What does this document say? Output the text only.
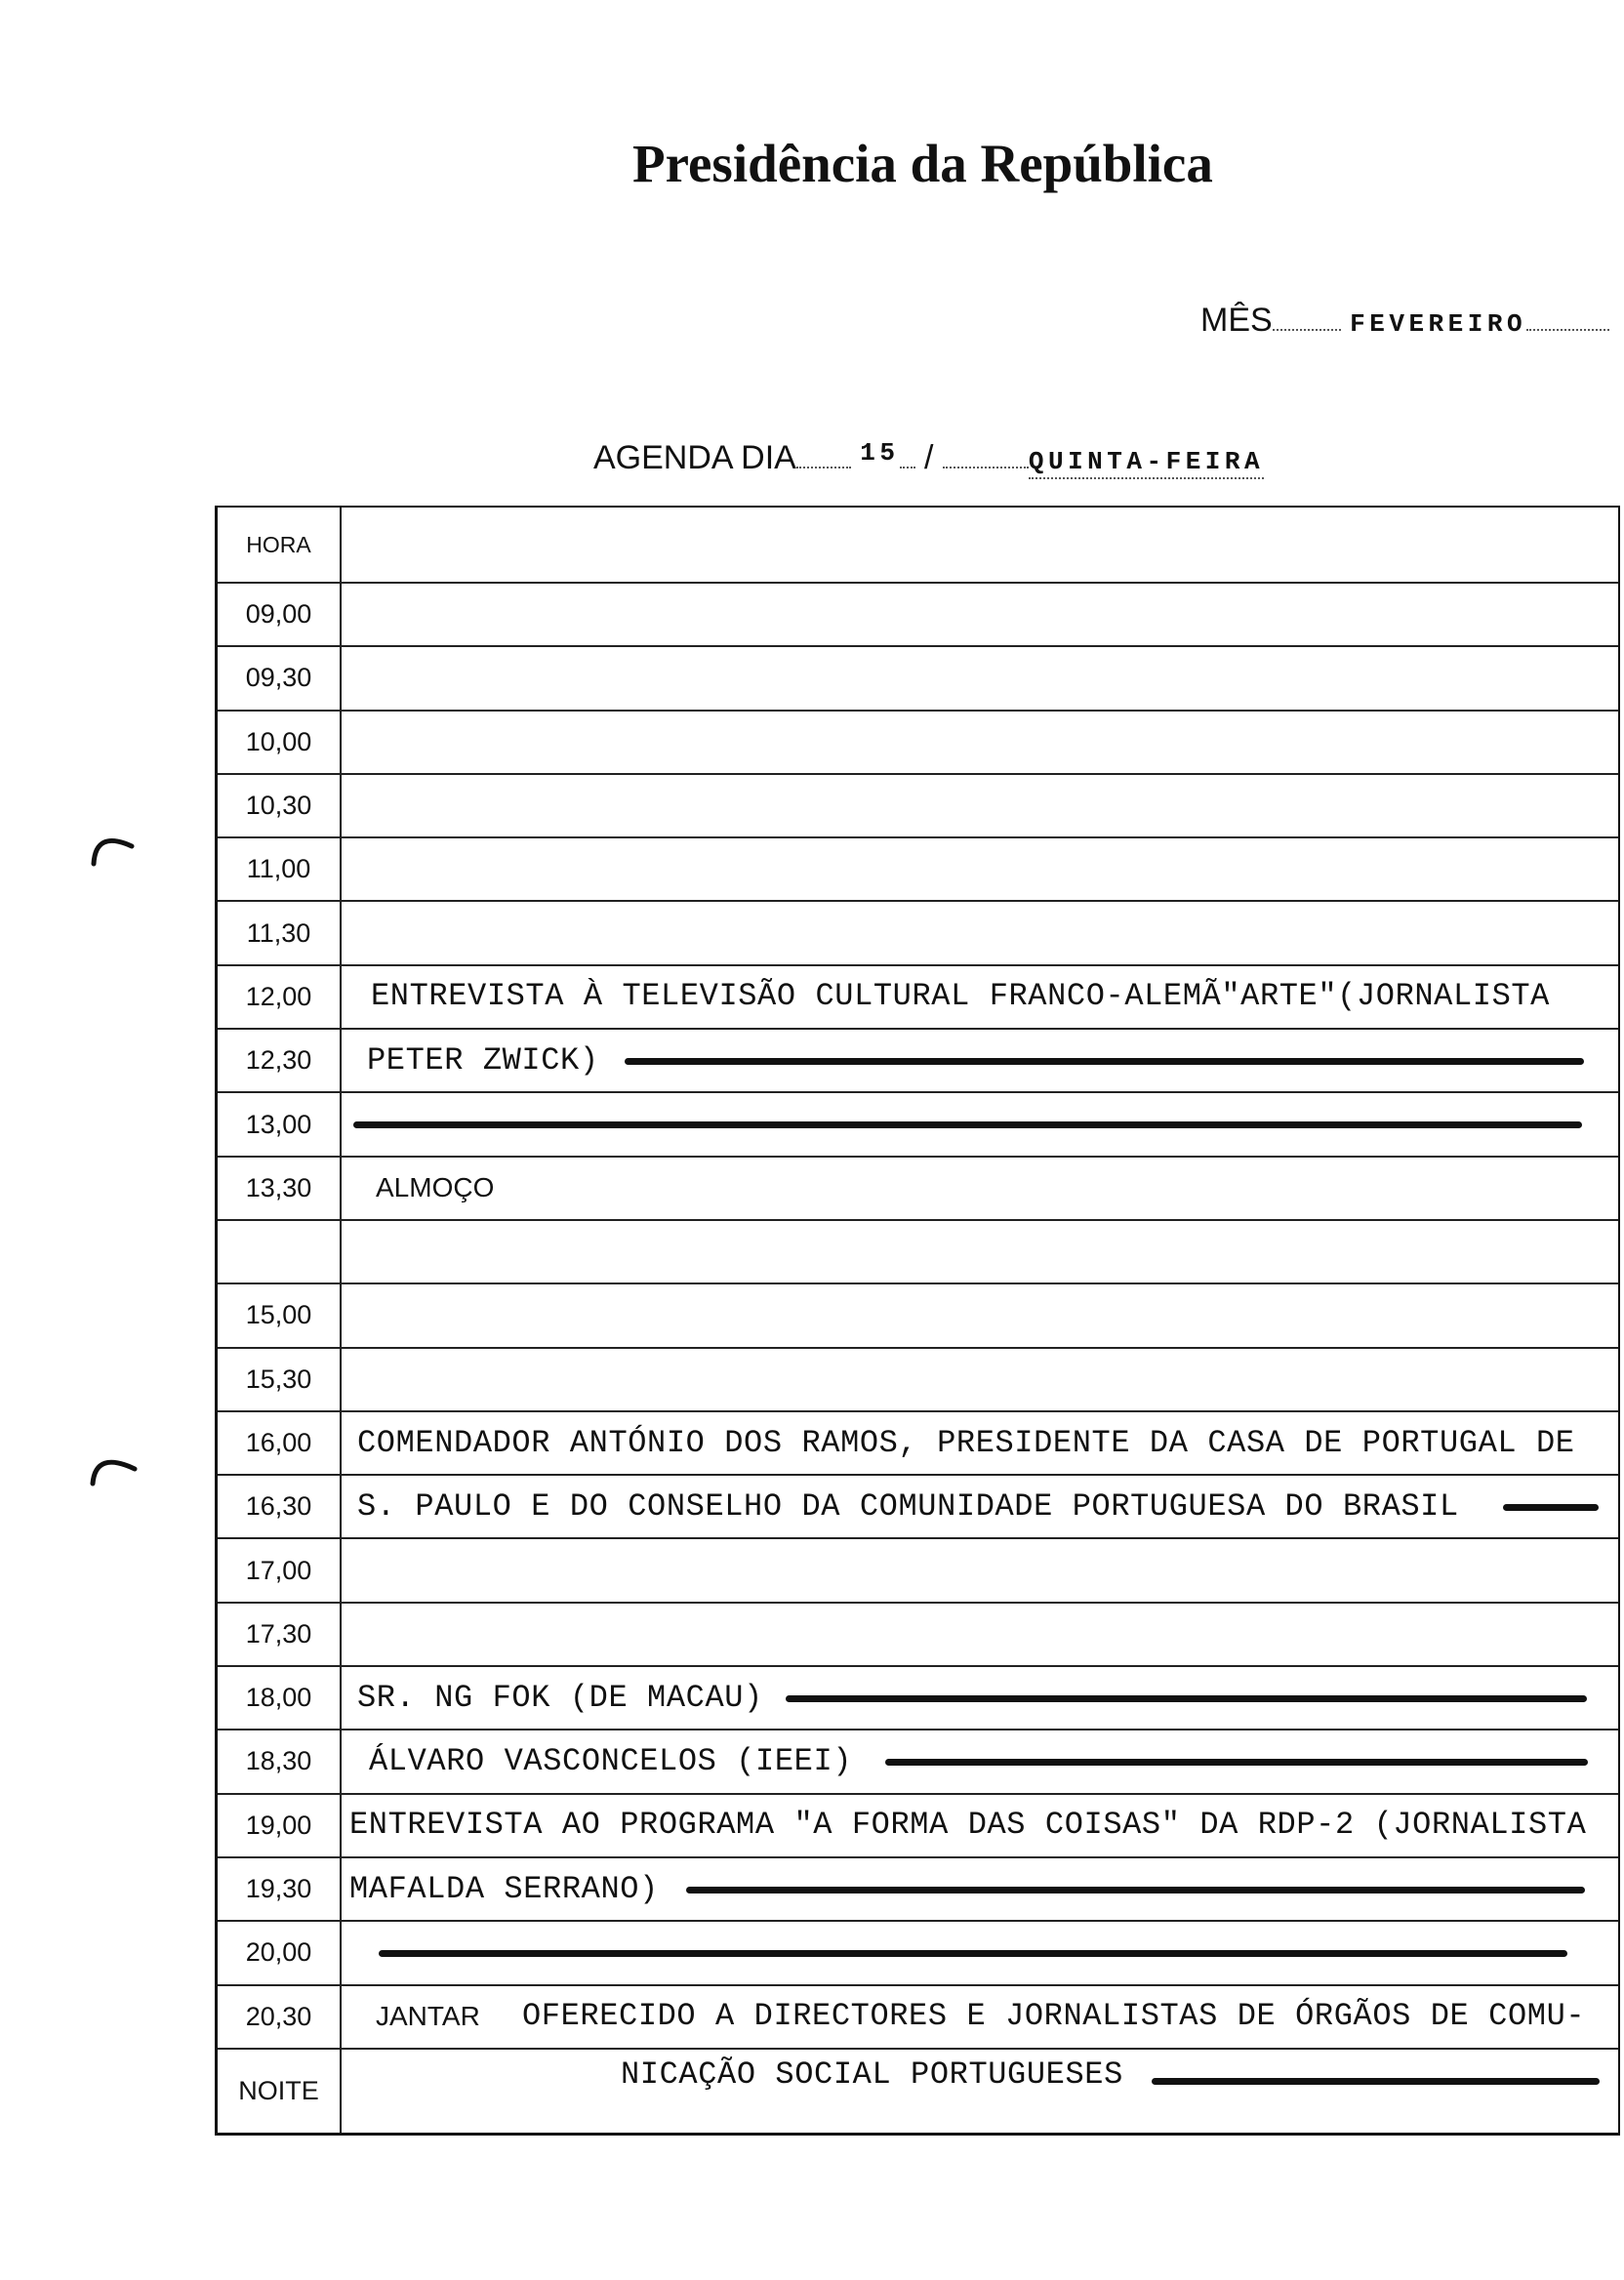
Presidência da República
MÊS	FEVEREIRO
AGENDA DIA	$^{15}$ /	QUINTA-FEIRA
HORA
09,00
09,30
10,00
10,30
11,00
11,30
12,00	ENTREVISTA À TELEVISÃO CULTURAL FRANCO-ALEMÃ"ARTE"(JORNALISTA
12,30	PETER ZWICK)
13,00
13,30	ALMOÇO
15,00
15,30
16,00	COMENDADOR ANTÓNIO DOS RAMOS, PRESIDENTE DA CASA DE PORTUGAL DE
16,30	S. PAULO E DO CONSELHO DA COMUNIDADE PORTUGUESA DO BRASIL
17,00
17,30
18,00	SR. NG FOK (DE MACAU)
18,30	ÁLVARO VASCONCELOS (IEEI)
19,00	ENTREVISTA AO PROGRAMA "A FORMA DAS COISAS" DA RDP-2 (JORNALISTA
19,30	MAFALDA SERRANO)
20,00
20,30	JANTAR OFERECIDO A DIRECTORES E JORNALISTAS DE ÓRGÃOS DE COMU-
NOITE	NICAÇÃO SOCIAL PORTUGUESES
